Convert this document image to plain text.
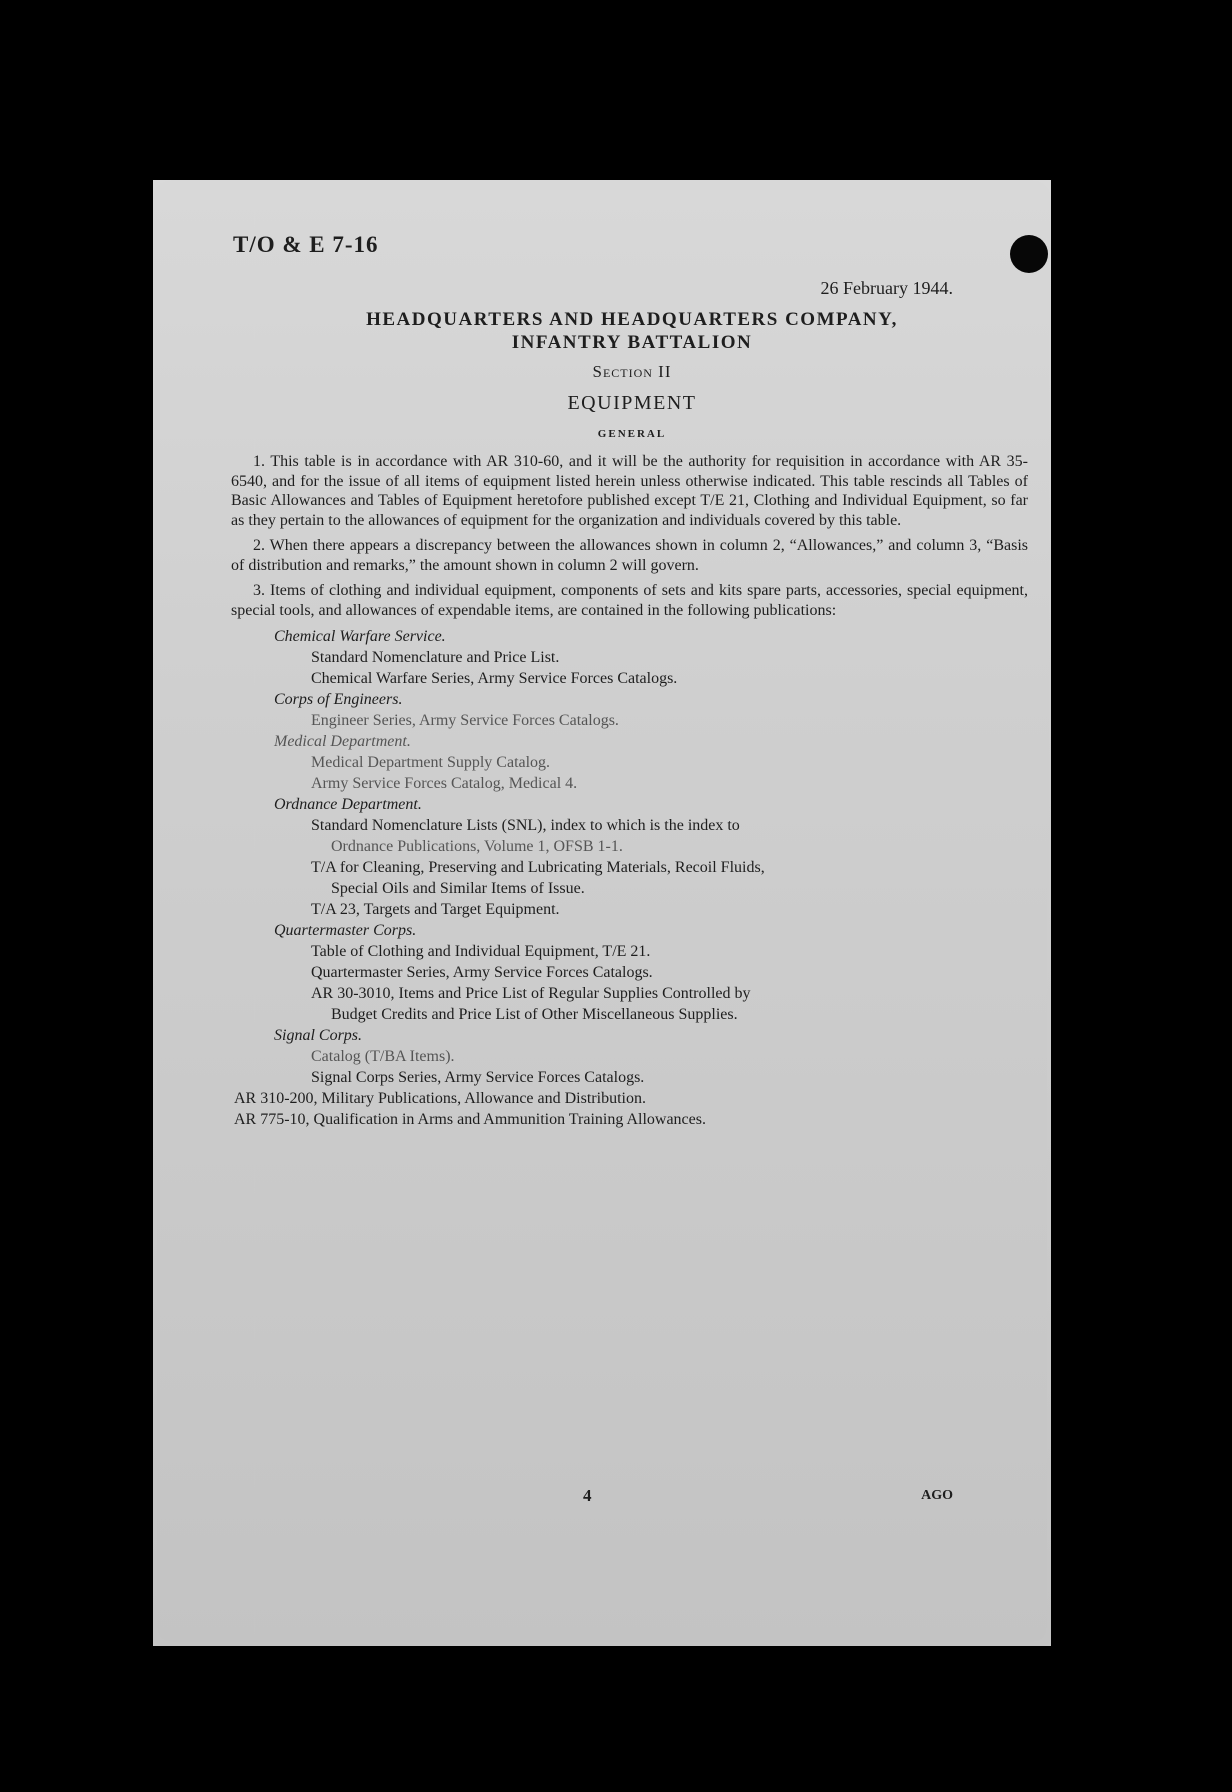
T/O & E 7-16
26 February 1944.
HEADQUARTERS AND HEADQUARTERS COMPANY,
INFANTRY BATTALION
Section II
EQUIPMENT
GENERAL

1. This table is in accordance with AR 310-60, and it will be the authority for requisition in accordance with AR 35-6540, and for the issue of all items of equipment listed herein unless otherwise indicated. This table rescinds all Tables of Basic Allowances and Tables of Equipment heretofore published except T/E 21, Clothing and Individual Equipment, so far as they pertain to the allowances of equipment for the organization and individuals covered by this table.

2. When there appears a discrepancy between the allowances shown in column 2, “Allowances,” and column 3, “Basis of distribution and remarks,” the amount shown in column 2 will govern.

3. Items of clothing and individual equipment, components of sets and kits spare parts, accessories, special equipment, special tools, and allowances of expendable items, are contained in the following publications:

Chemical Warfare Service.
Standard Nomenclature and Price List.
Chemical Warfare Series, Army Service Forces Catalogs.
Corps of Engineers.
Engineer Series, Army Service Forces Catalogs.
Medical Department.
Medical Department Supply Catalog.
Army Service Forces Catalog, Medical 4.
Ordnance Department.
Standard Nomenclature Lists (SNL), index to which is the index to
Ordnance Publications, Volume 1, OFSB 1-1.
T/A for Cleaning, Preserving and Lubricating Materials, Recoil Fluids,
Special Oils and Similar Items of Issue.
T/A 23, Targets and Target Equipment.
Quartermaster Corps.
Table of Clothing and Individual Equipment, T/E 21.
Quartermaster Series, Army Service Forces Catalogs.
AR 30-3010, Items and Price List of Regular Supplies Controlled by
Budget Credits and Price List of Other Miscellaneous Supplies.
Signal Corps.
Catalog (T/BA Items).
Signal Corps Series, Army Service Forces Catalogs.
AR 310-200, Military Publications, Allowance and Distribution.
AR 775-10, Qualification in Arms and Ammunition Training Allowances.
4	AGO
